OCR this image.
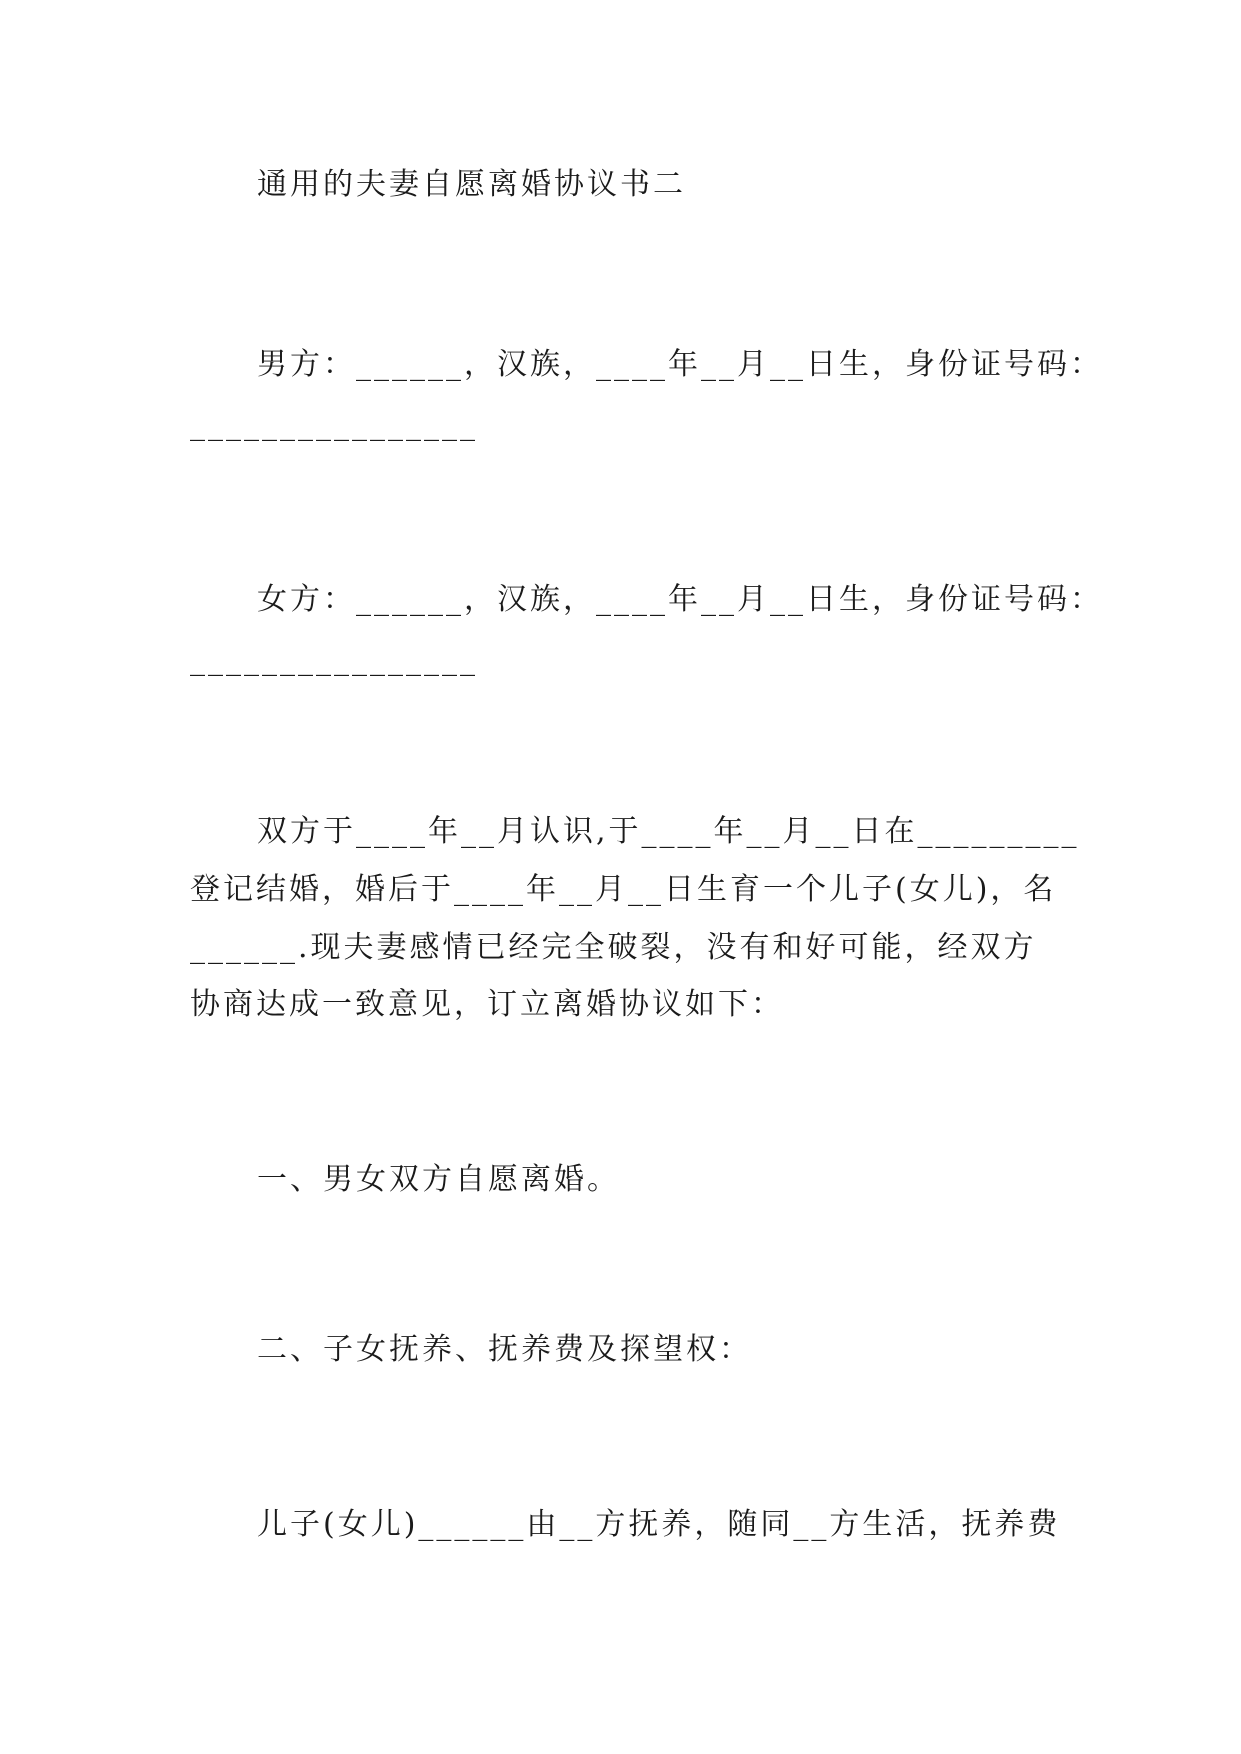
通用的夫妻自愿离婚协议书二
男方：______，汉族，____年__月__日生，身份证号码：
________________
女方：______，汉族，____年__月__日生，身份证号码：
________________
双方于____年__月认识,于____年__月__日在_________
登记结婚，婚后于____年__月__日生育一个儿子(女儿)，名
______.现夫妻感情已经完全破裂，没有和好可能，经双方
协商达成一致意见，订立离婚协议如下：
一、男女双方自愿离婚。
二、子女抚养、抚养费及探望权：
儿子(女儿)______由__方抚养，随同__方生活，抚养费
